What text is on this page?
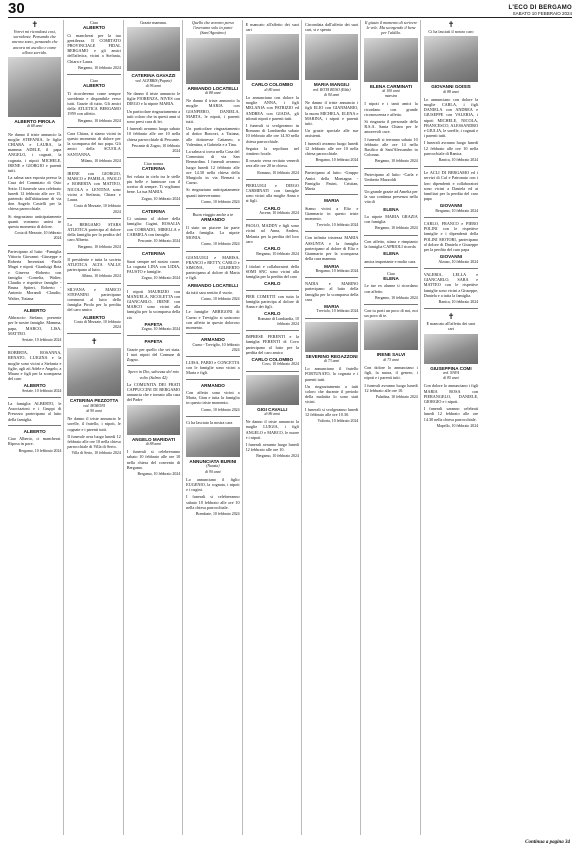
30	L'ECO DI BERGAMO
SABATO 10 FEBBRAIO 2024
✝
Vorrei mi ricordassi cosi, sorridente. Pensando che ancora sono, pensando che ancora mi ascolto e come allora sorrido.
ALBERTO PIROLA
di 68 anni
Ne danno il triste annuncio la moglie STEFANIA, le figlie CHIARA e LAURA, la mamma ADELE, il papa ANGELO, i cognati, la cognata, i nipoti MICHELE, IRENE e GIORGIO e parenti tutti.
La salma sara esposta presso la Casa del Commiato di Osio Sotto. Il funerale sara celebrato lunedi 12 febbraio alle ore 15, partendo dall'abitazione di via don Angelo Castelli per la chiesa parrocchiale.
Si ringraziano anticipatamente quanti vorranno unirsi in questo momento di dolore.
Costa di Mezzate, 10 febbraio 2024
Partecipano al lutto: -Famiglia Vittorio Giovanni -Giuseppe e Roberta Invernizzi -Paola Magri e nipoti -Gianluigi Rota e Ginevra -Roberto con famiglia -Cornelia, Walter, Claudio e rispettive famiglie -Bruna Spiteri, Roberto -Antonio Morandi -Claudio, Walter, Tiziana
ALBERTO
Abbraccio Stefano, presente per le nostre famiglie. Mamma, papa, MARCO, LISA, MATTEO.
Seriate, 10 febbraio 2024
ROBERTA, ROSANNA, RENATO, LUIGINA e la moglie sono vicini a Stefania e figlie, agli zii Adele e Angelo, a Mauro e figli per la scomparsa del caro
ALBERTO
Seriate, 10 febbraio 2024
La famiglia ALBERTO, le Associazioni e i Gruppi di Presezzo partecipano al lutto della famiglia.
ALBERTO
Ciao Alberto, ci mancherai. Riposa in pace.
Bergamo, 10 febbraio 2024
Ciao
ALBERTO
Ci mancherai per la tua gentilezza. Il COMITATO PROVINCIALE FIDAL BERGAMO e gli amici dell'atletica, vicini a Stefania, Chiara e Laura.
Bergamo, 10 febbraio 2024
Ciao
ALBERTO
Ti ricorderemo come sempre sorridente e disponibile verso tutti. Grazie di tutto. Gli amici della ATLETICA BERGAMO 1959 con affetto.
Bergamo, 10 febbraio 2024
Cara Chiara, ti siamo vicini in questo momento di dolore per la scomparsa del tuo papa. Gli amici della SCUOLA SANTANNA.
Milano, 10 febbraio 2024
IRENE con GIORGIO, MARCO e PAMELA, PAOLO e ROBERTA con MATTEO, NICOLA e LENTINA sono vicini a Stefania, Chiara e Laura.
Costa di Mezzate, 10 febbraio 2024
La BERGAMO STARS ATLETICA partecipa al dolore della famiglia per la perdita del caro Alberto.
Bergamo, 10 febbraio 2024
Il presidente e tutta la societa ATLETICA ALTA VALLE partecipano al lutto.
Albino, 10 febbraio 2024
SILVANA e MARCO STEFANINI partecipano commossi al lutto della famiglia Pirola per la perdita del caro amico
ALBERTO
Costa di Mezzate, 10 febbraio 2024
✝
CATERINA PEZZOTTA
ved. MORONI
di 90 anni
Ne danno il triste annuncio le sorelle, il fratello, i nipoti, le cognate e i parenti tutti.
Il funerale avra luogo lunedi 12 febbraio alle ore 10 nella chiesa parrocchiale di Villa di Serio.
Villa di Serio, 10 febbraio 2024
Grazie mamma.
CATERINA GAVAZZI
ved. ACERBIS (Papeta)
di 96 anni
Ne danno il triste annuncio le figlie FIORENZA, NIVES con DIEGO e la nipote MARIA.
Un particolare ringraziamento a tutti coloro che in questi anni si sono presi cura di lei.
I funerali avranno luogo sabato 10 febbraio alle ore 10 nella chiesa parrocchiale di Pescante.
Pescante di Zogno, 10 febbraio 2024
Ciao nonna
CATERINA
Sei volata in cielo tra le stelle piu belle e luminose con il sorriso di sempre. Ti vogliamo bene. La tua MARIA.
Zogno, 10 febbraio 2024
CATERINA
Ci uniamo al dolore della famiglia: Cugini, ROSALIA con CORRADO, MIRELLA e CARMELA con famiglie.
Pescante, 10 febbraio 2024
CATERINA
Sarai sempre nel nostro cuore. La cognata LINA con LIDIA, FAUSTO e famiglie.
Zogno, 10 febbraio 2024
I nipoti MAURIZIO con MANUELA, NICOLETTA con GIANCARLO, IRENE con MARCO sono vicini alla famiglia per la scomparsa della zia
PAPETA
Zogno, 10 febbraio 2024
PAPETA
Grazie per quello che sei stata. I tuoi nipoti del Comune di Zogno.
Spero in Dio, salvezza del mio volto (Salmo 42)
La COMUNITA DEI FRATI CAPPUCCINI DI BERGAMO annuncia che e tornato alla casa del Padre
ANGELO MARIDATI
di 88 anni
I funerali si celebreranno sabato 10 febbraio alle ore 10 nella chiesa del convento di Bergamo.
Bergamo, 10 febbraio 2024
Quello che avremo perso l'avevamo solo in parte (Sant'Agostino)
ARMANDO LOCATELLI
di 88 anni
Ne danno il triste annuncio la moglie MARIA con GIANPIERO, DANIELA, MARTA, le nipoti, i parenti tutti.
Un particolare ringraziamento al dottor Boncori, a Tiziana, alle dottoresse Cattaneo, a Valentina, a Gabriela e a Tina.
La salma si trova nella Casa del Commiato di via San Bernardino. I funerali avranno luogo lunedi 12 febbraio alle ore 14.30 nella chiesa della Murgiola in via Bernasi a Curno.
Si ringraziano anticipatamente quanti interverranno.
Curno, 10 febbraio 2024
Buon viaggio anche a te
ARMANDO
Il stato un piacere far parte della famiglia. La nipote MONIA.
Curno, 10 febbraio 2024
GIANLUIGI e MARISA, FRANCO e BETTY, CARLO e SIMONA, GILBERTO partecipano al dolore di Maria e figli.
ARMANDO LOCATELLI
da tutti sara sentito il vuoto.
Curno, 10 febbraio 2024
Le famiglie ARRIGONI di Curno e Treviglio si uniscono con affetto in questo doloroso momento.
ARMANDO
Curno - Treviglio, 10 febbraio 2024
LUISA, FABIO e CONCETTA con le famiglie sono vicini a Maria e figli.
ARMANDO
Con affetto sono vicini a Maria, Gian e tutta la famiglia in questo triste momento.
Curno, 10 febbraio 2024
Ci ha lasciato la nostra cara
ANNUNCIATA BURINI
(Nunzia)
di 90 anni
Lo annunciano il figlio EUGENIO, la cognata, i nipoti e i cugini.
I funerali si celebreranno sabato 10 febbraio alle ore 10 nella chiesa parrocchiale.
Brembate, 10 febbraio 2024
E mancato all'affetto dei suoi cari
CARLO COLOMBO
di 80 anni
Lo annunciano con dolore la moglie ANNA, i figli MELANIA con PATRIZIO ed ANDREA con GIADA, gli adorati nipoti e parenti tutti.
I funerali si svolgeranno in Romano di Lombardia sabato 10 febbraio alle ore 14.30 nella chiesa parrocchiale.
Seguira la sepoltura nel cimitero locale.
Il rosario verra recitato venerdi sera alle ore 20 in chiesa.
Romano, 10 febbraio 2024
PIERLUIGI e DIEGO CARMINATI con famiglie sono vicini alla moglie Anna e ai figli.
CARLO
Arcene, 10 febbraio 2024
PAOLO, MADDY e figli sono vicini ad Anna, Andrea, Melania per la perdita del loro caro
CARLO
Bergamo, 10 febbraio 2024
I titolari e collaboratori della SOMI SNC sono vicini alla famiglia per la perdita del caro
CARLO
PIER COMETTI con tutta la famiglia partecipa al dolore di Anna e dei figli.
CARLO
Romano di Lombardia, 10 febbraio 2024
IMPRESE FERENTI e la famiglia FERENTI di Covo partecipano al lutto per la perdita del caro amico
CARLO COLOMBO
Covo, 10 febbraio 2024
GIGI CAVALLI
di 86 anni
Ne danno il triste annuncio la moglie LUIGIA, i figli ANGELO e MARCO, le nuore e i nipoti.
I funerali avranno luogo lunedi 12 febbraio alle ore 10.
Bergamo, 10 febbraio 2024
Circondata dall'affetto dei suoi cari, si e spenta
MARIA MANGILI
ved. ROTA BUSO (Elda)
di 94 anni
Ne danno il triste annuncio i figli ELIO con GIANMARIO, la nuora MICHELA, ELENA e MARINA, i nipoti e parenti tutti.
Un grazie speciale alle sue assistenti.
I funerali avranno luogo lunedi 12 febbraio alle ore 10 nella chiesa parrocchiale.
Bergamo, 10 febbraio 2024
Partecipano al lutto: -Gruppo Amici della Montagna -Famiglia Pasini, Cristian, Marta
MARIA
Siamo vicini a Elio e Gianmario in questo triste momento.
Treviolo, 10 febbraio 2024
Con infinita tristezza MARIA ASSUNTA e la famiglia partecipano al dolore di Elio e Gianmario per la scomparsa della cara mamma
MARIA
Bergamo, 10 febbraio 2024
NADIA e MARINO partecipano al lutto della famiglia per la scomparsa della cara
MARIA
Treviolo, 10 febbraio 2024
SEVERINO REGAZZONI
di 73 anni
Lo annunciano il fratello FORTUNATO, la cognata e i parenti tutti.
Un ringraziamento a tutti coloro che durante il periodo della malattia lo sono stati vicini.
I funerali si svolgeranno lunedi 12 febbraio alle ore 10.30.
Valtorta, 10 febbraio 2024
Il giusto il momento di scrivere le vele. Ma scorgendo il bene per l'aldila.
ELENA CARMINATI
di 100 anni
maestra
I nipoti e i tanti amici la ricordano con grande riconoscenza e affetto.
Si ringrazia il personale della R.S.A. Santa Chiara per le amorevoli cure.
I funerali si terranno sabato 10 febbraio alle ore 14 nella Basilica di Sant'Alessandro in Colonna.
Bergamo, 10 febbraio 2024
Partecipano al lutto: -Carla e Umberto Mazzoldi
Un grande grazie ad Amelia per la sua continua presenza nella vita di
ELENA
La nipote MARIA GRAZIA con famiglia.
Bergamo, 10 febbraio 2024
Con affetto, stima e rimpianto la famiglia CAPRIOLI ricorda
ELENA
amica importante e molto cara.
Ciao
ELENA
Le tue ex alunne ti ricordano con affetto.
Bergamo, 10 febbraio 2024
Con tu porti un poco di noi, noi un poco di te.
IRENE SALVI
di 73 anni
Con dolore lo annunciano i figli, la nuora, il genero, i nipoti e i parenti tutti.
I funerali avranno luogo lunedi 12 febbraio alle ore 10.
Paladina, 10 febbraio 2024
✝
Ci ha lasciati il nostro caro
GIOVANNI GOISIS
di 88 anni
Lo annunciano con dolore la moglie CARLA, i figli DANIELA con ANDREA e GIUSEPPE con VALERIA, i nipoti MICHELE, NICOLA, FRANCESCO, ALESSANDRO e GIULIA, le sorelle, i cognati e i parenti tutti.
I funerali avranno luogo lunedi 12 febbraio alle ore 10 nella parrocchiale di Ranica.
Ranica, 10 febbraio 2024
Le ACLI DI BERGAMO ed i servizi di Caf e Patronato con i loro dipendenti e collaboratori sono vicini a Daniela ed ai familiari per la perdita del caro papa
GIOVANNI
Bergamo, 10 febbraio 2024
CARLO, FRANCO e PIERO POLINI con le rispettive famiglie e i dipendenti della POLINI MOTORI, partecipano al dolore di Daniela e Giuseppe per la perdita del caro papa
GIOVANNI
Alzano, 10 febbraio 2024
VALERIA, LELLA e GIANCARLO, SARA e MATTEO con le rispettive famiglie sono vicini a Giuseppe, Daniela e a tutta la famiglia.
Ranica, 10 febbraio 2024
✝
E mancato all'affetto dei suoi cari
GIUSEPPINA COMI
ved. NAVA
di 85 anni
Con dolore lo annunciano i figli MARIA ROSA con PIERANGELO, DANIELE, GIORGIO e i nipoti.
I funerali saranno celebrati lunedi 12 febbraio alle ore 14.30 nella chiesa parrocchiale.
Mapello, 10 febbraio 2024
Continua a pagina 34
